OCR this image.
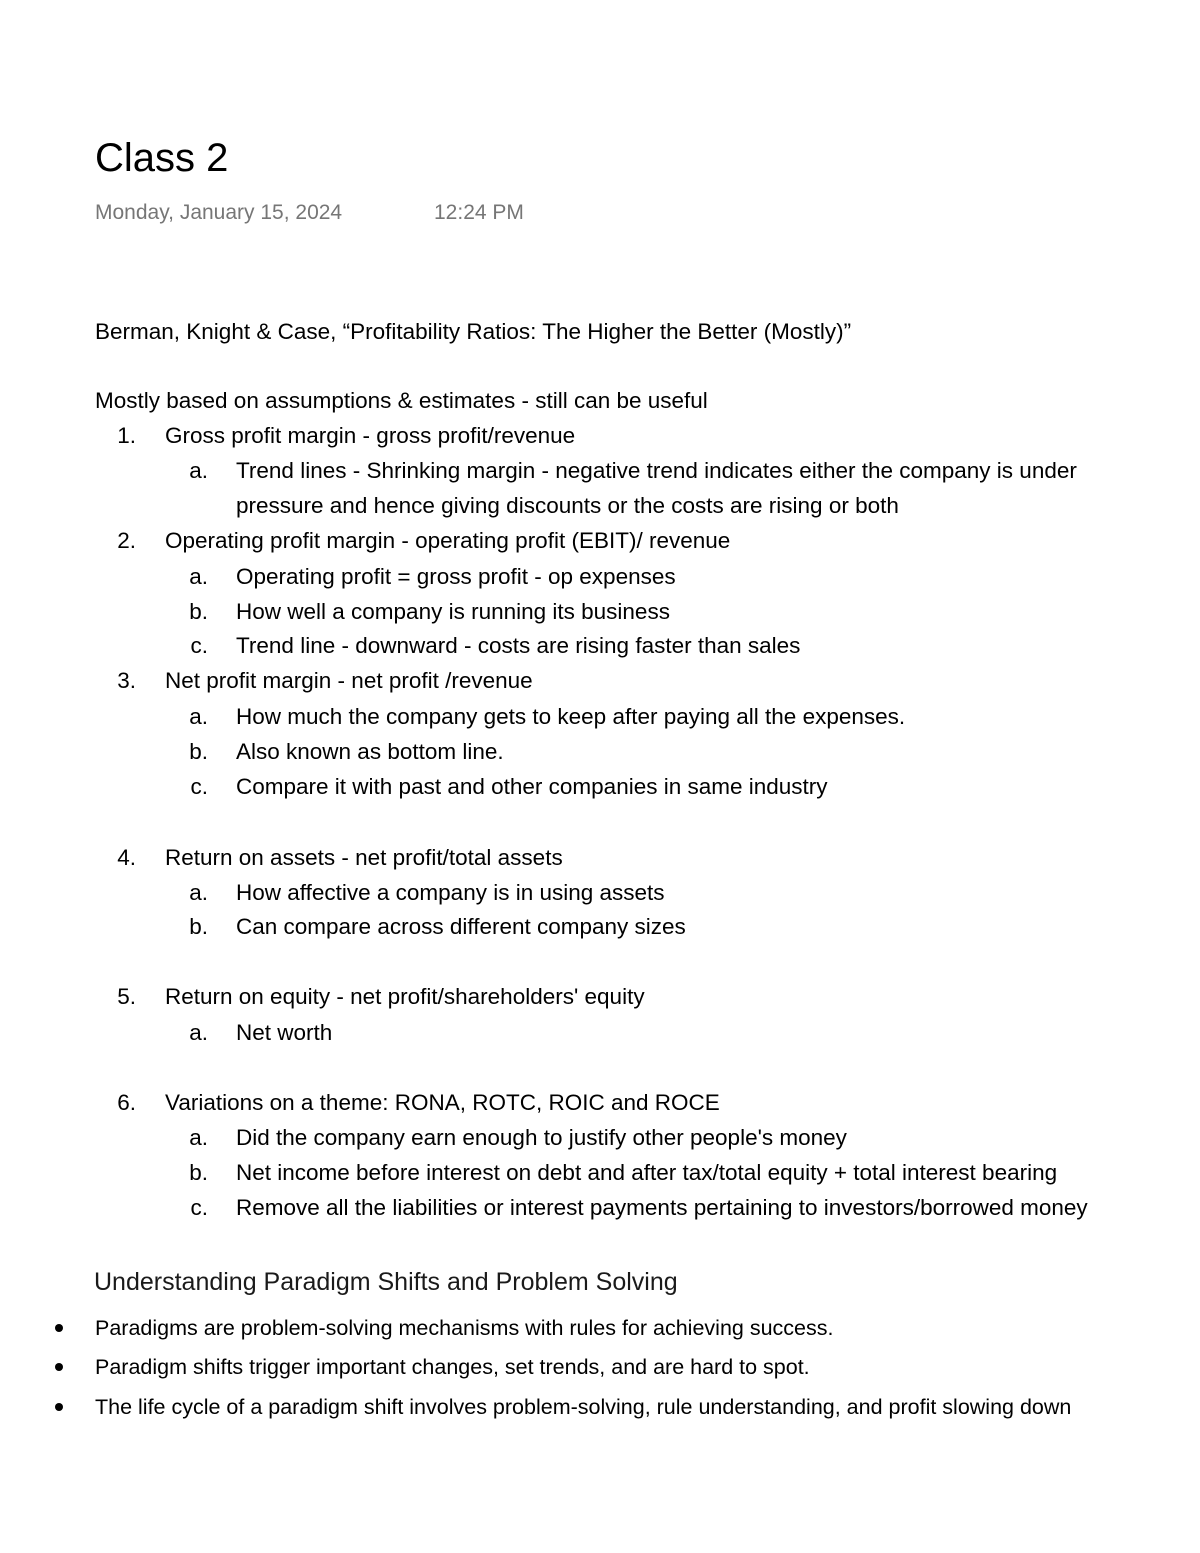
Class 2
Monday, January 15, 2024	12:24 PM
Berman, Knight & Case, “Profitability Ratios: The Higher the Better (Mostly)”
Mostly based on assumptions & estimates - still can be useful
1. Gross profit margin - gross profit/revenue
a. Trend lines - Shrinking margin - negative trend indicates either the company is under
pressure and hence giving discounts or the costs are rising or both
2. Operating profit margin - operating profit (EBIT)/ revenue
a. Operating profit = gross profit - op expenses
b. How well a company is running its business
c. Trend line - downward - costs are rising faster than sales
3. Net profit margin - net profit /revenue
a. How much the company gets to keep after paying all the expenses.
b. Also known as bottom line.
c. Compare it with past and other companies in same industry
4. Return on assets - net profit/total assets
a. How affective a company is in using assets
b. Can compare across different company sizes
5. Return on equity - net profit/shareholders' equity
a. Net worth
6. Variations on a theme: RONA, ROTC, ROIC and ROCE
a. Did the company earn enough to justify other people's money
b. Net income before interest on debt and after tax/total equity + total interest bearing
c. Remove all the liabilities or interest payments pertaining to investors/borrowed money
Understanding Paradigm Shifts and Problem Solving
Paradigms are problem-solving mechanisms with rules for achieving success.
Paradigm shifts trigger important changes, set trends, and are hard to spot.
The life cycle of a paradigm shift involves problem-solving, rule understanding, and profit slowing down
